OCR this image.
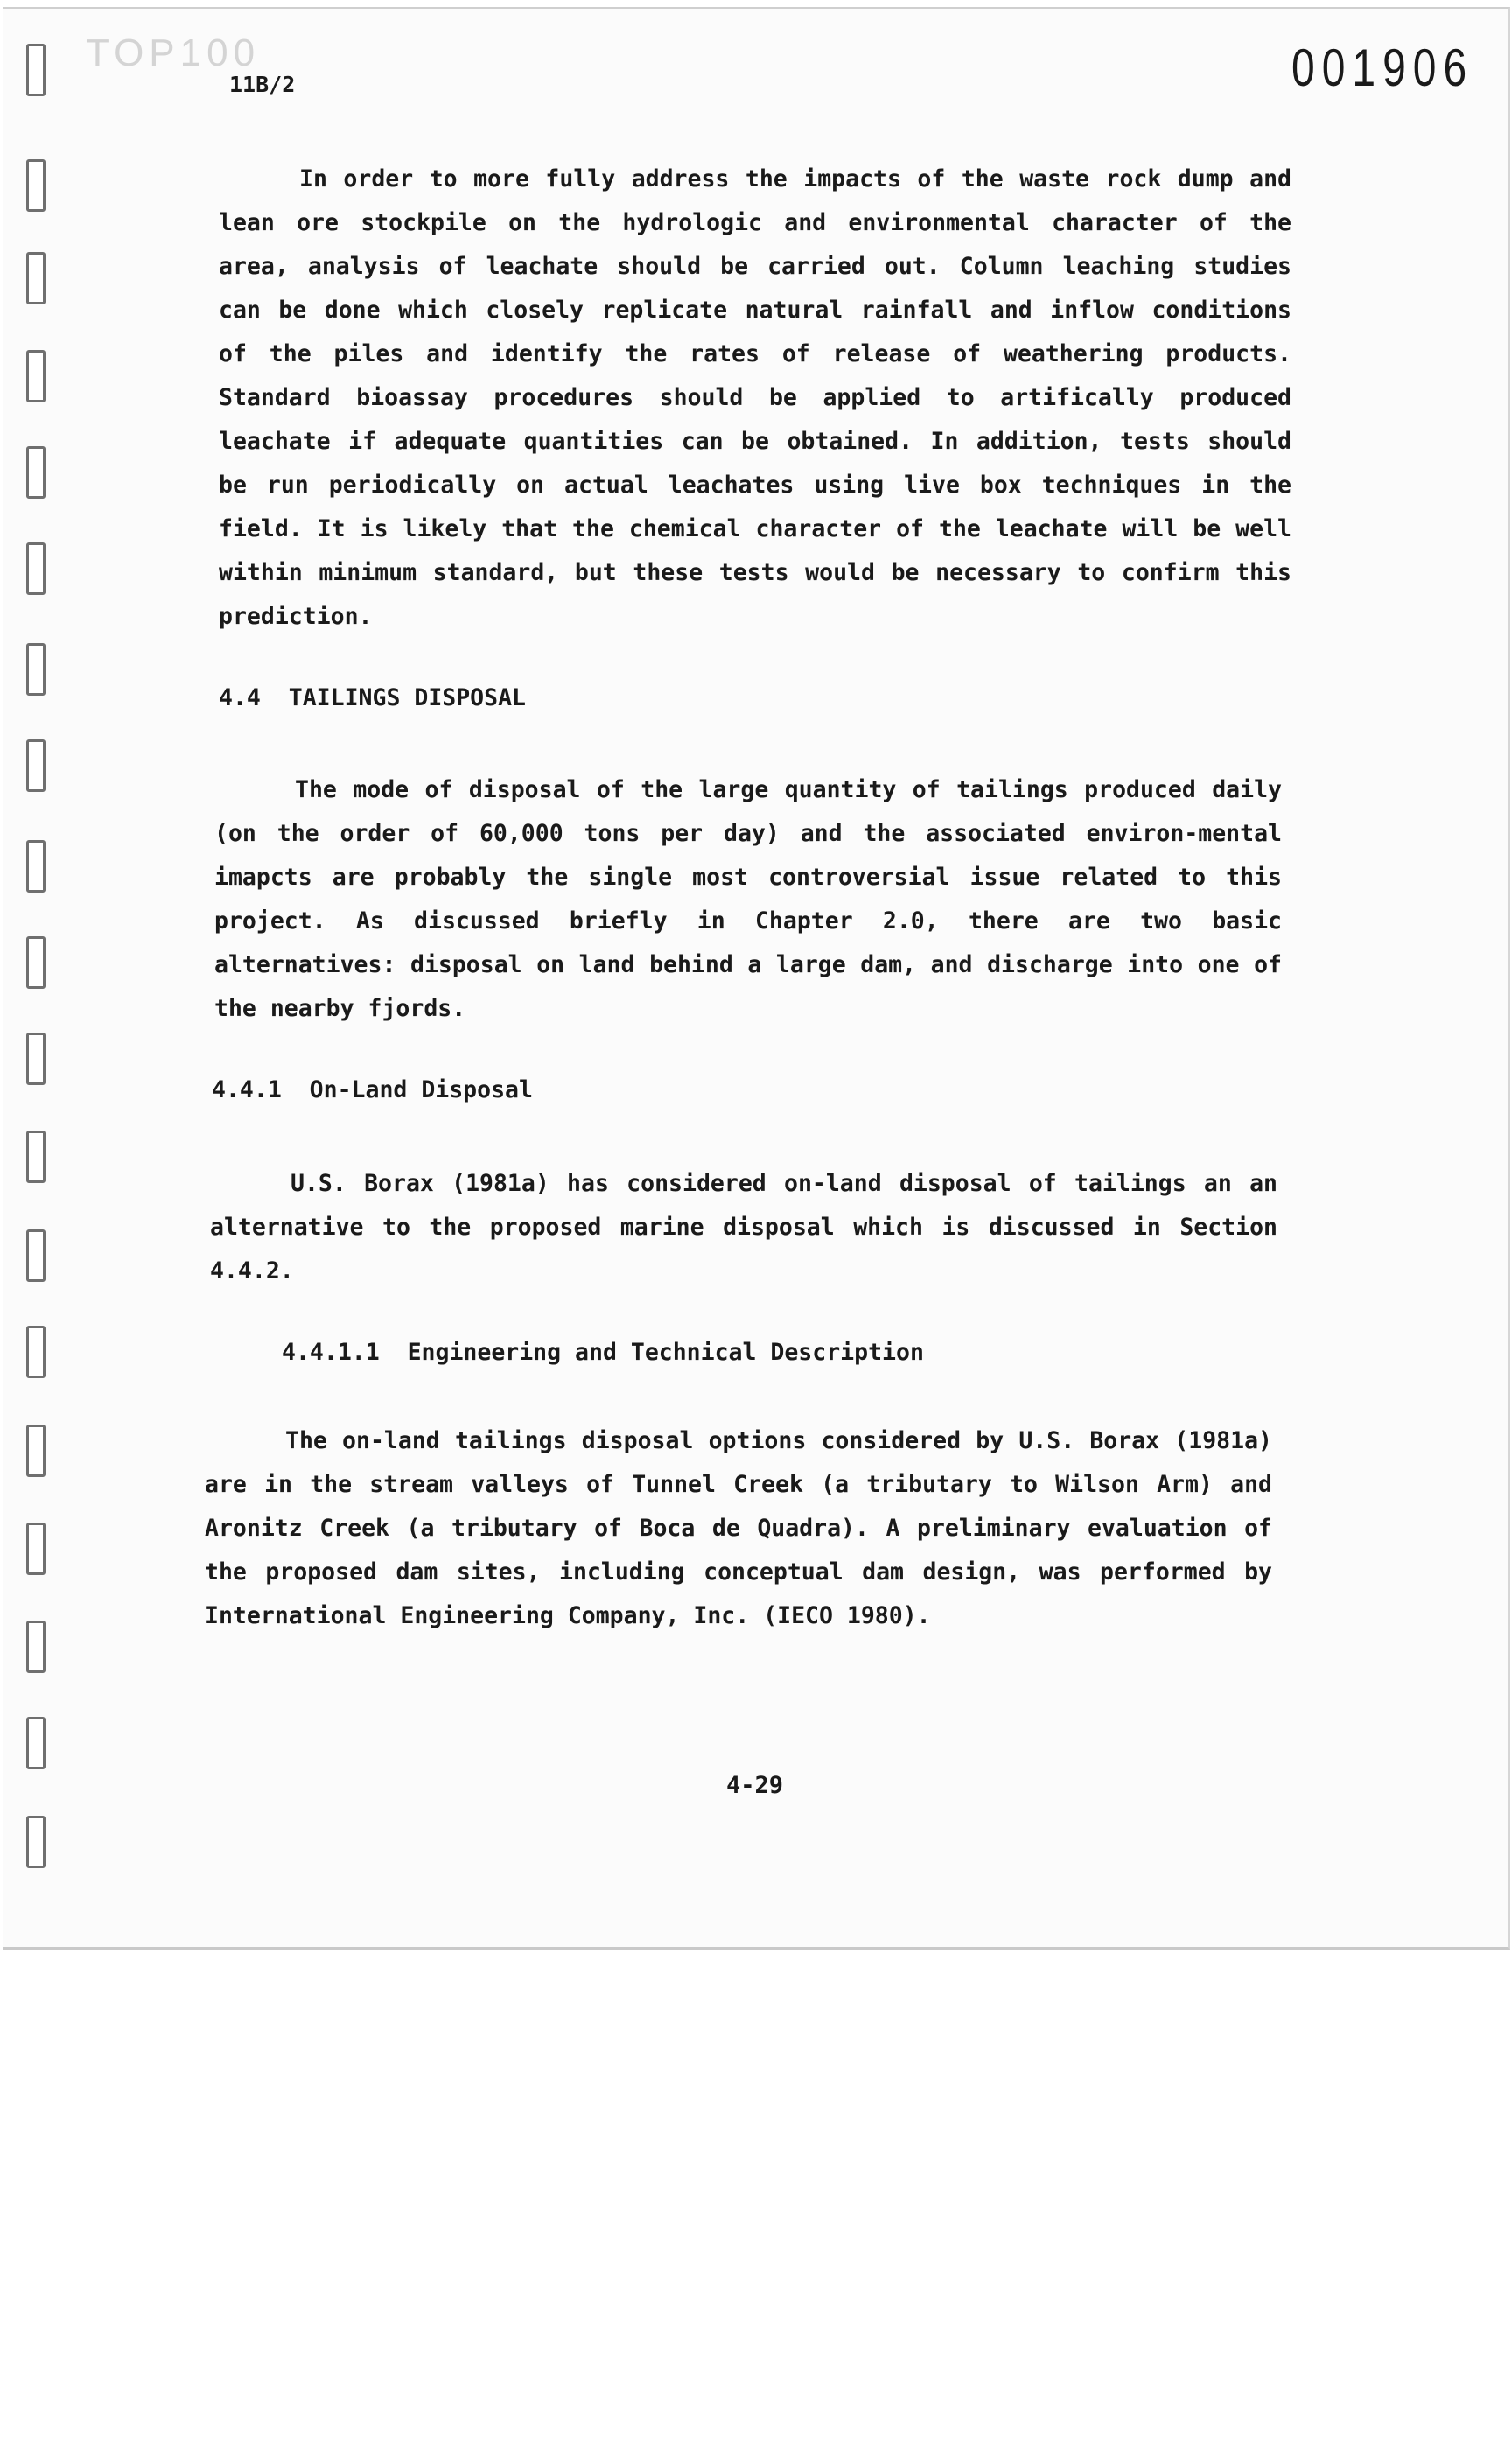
TOP100
11B/2	001906
In order to more fully address the impacts of the waste rock dump and lean ore stockpile on the hydrologic and environmental character of the area, analysis of leachate should be carried out. Column leaching studies can be done which closely replicate natural rainfall and inflow conditions of the piles and identify the rates of release of weathering products. Standard bioassay procedures should be applied to artifically produced leachate if adequate quantities can be obtained. In addition, tests should be run periodically on actual leachates using live box techniques in the field. It is likely that the chemical character of the leachate will be well within minimum standard, but these tests would be necessary to confirm this prediction.
4.4  TAILINGS DISPOSAL
The mode of disposal of the large quantity of tailings produced daily (on the order of 60,000 tons per day) and the associated environ-mental imapcts are probably the single most controversial issue related to this project. As discussed briefly in Chapter 2.0, there are two basic alternatives: disposal on land behind a large dam, and discharge into one of the nearby fjords.
4.4.1  On-Land Disposal
U.S. Borax (1981a) has considered on-land disposal of tailings an an alternative to the proposed marine disposal which is discussed in Section 4.4.2.
4.4.1.1  Engineering and Technical Description
The on-land tailings disposal options considered by U.S. Borax (1981a) are in the stream valleys of Tunnel Creek (a tributary to Wilson Arm) and Aronitz Creek (a tributary of Boca de Quadra). A preliminary evaluation of the proposed dam sites, including conceptual dam design, was performed by International Engineering Company, Inc. (IECO 1980).
4-29
